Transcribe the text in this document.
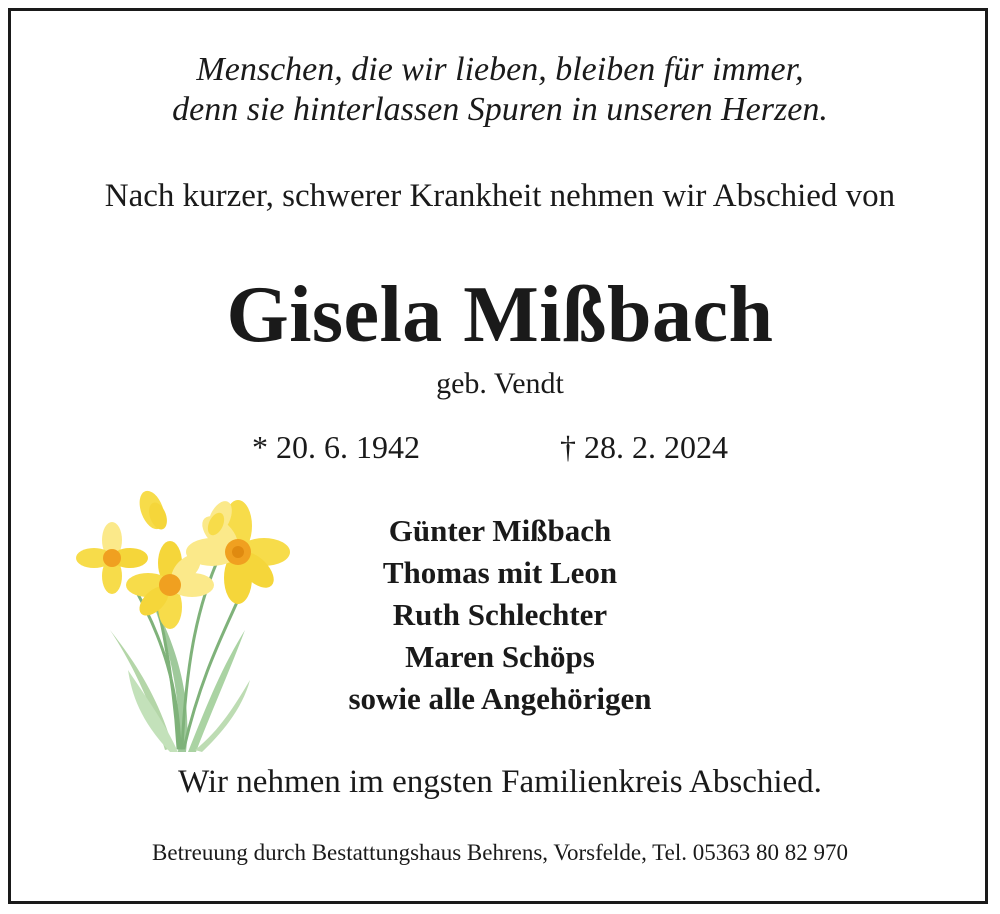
Menschen, die wir lieben, bleiben für immer,
denn sie hinterlassen Spuren in unseren Herzen.
Nach kurzer, schwerer Krankheit nehmen wir Abschied von
Gisela Mißbach
geb. Vendt
* 20. 6. 1942	† 28. 2. 2024
Günter Mißbach
Thomas mit Leon
Ruth Schlechter
Maren Schöps
sowie alle Angehörigen
Wir nehmen im engsten Familienkreis Abschied.
Betreuung durch Bestattungshaus Behrens, Vorsfelde, Tel. 05363 80 82 970
